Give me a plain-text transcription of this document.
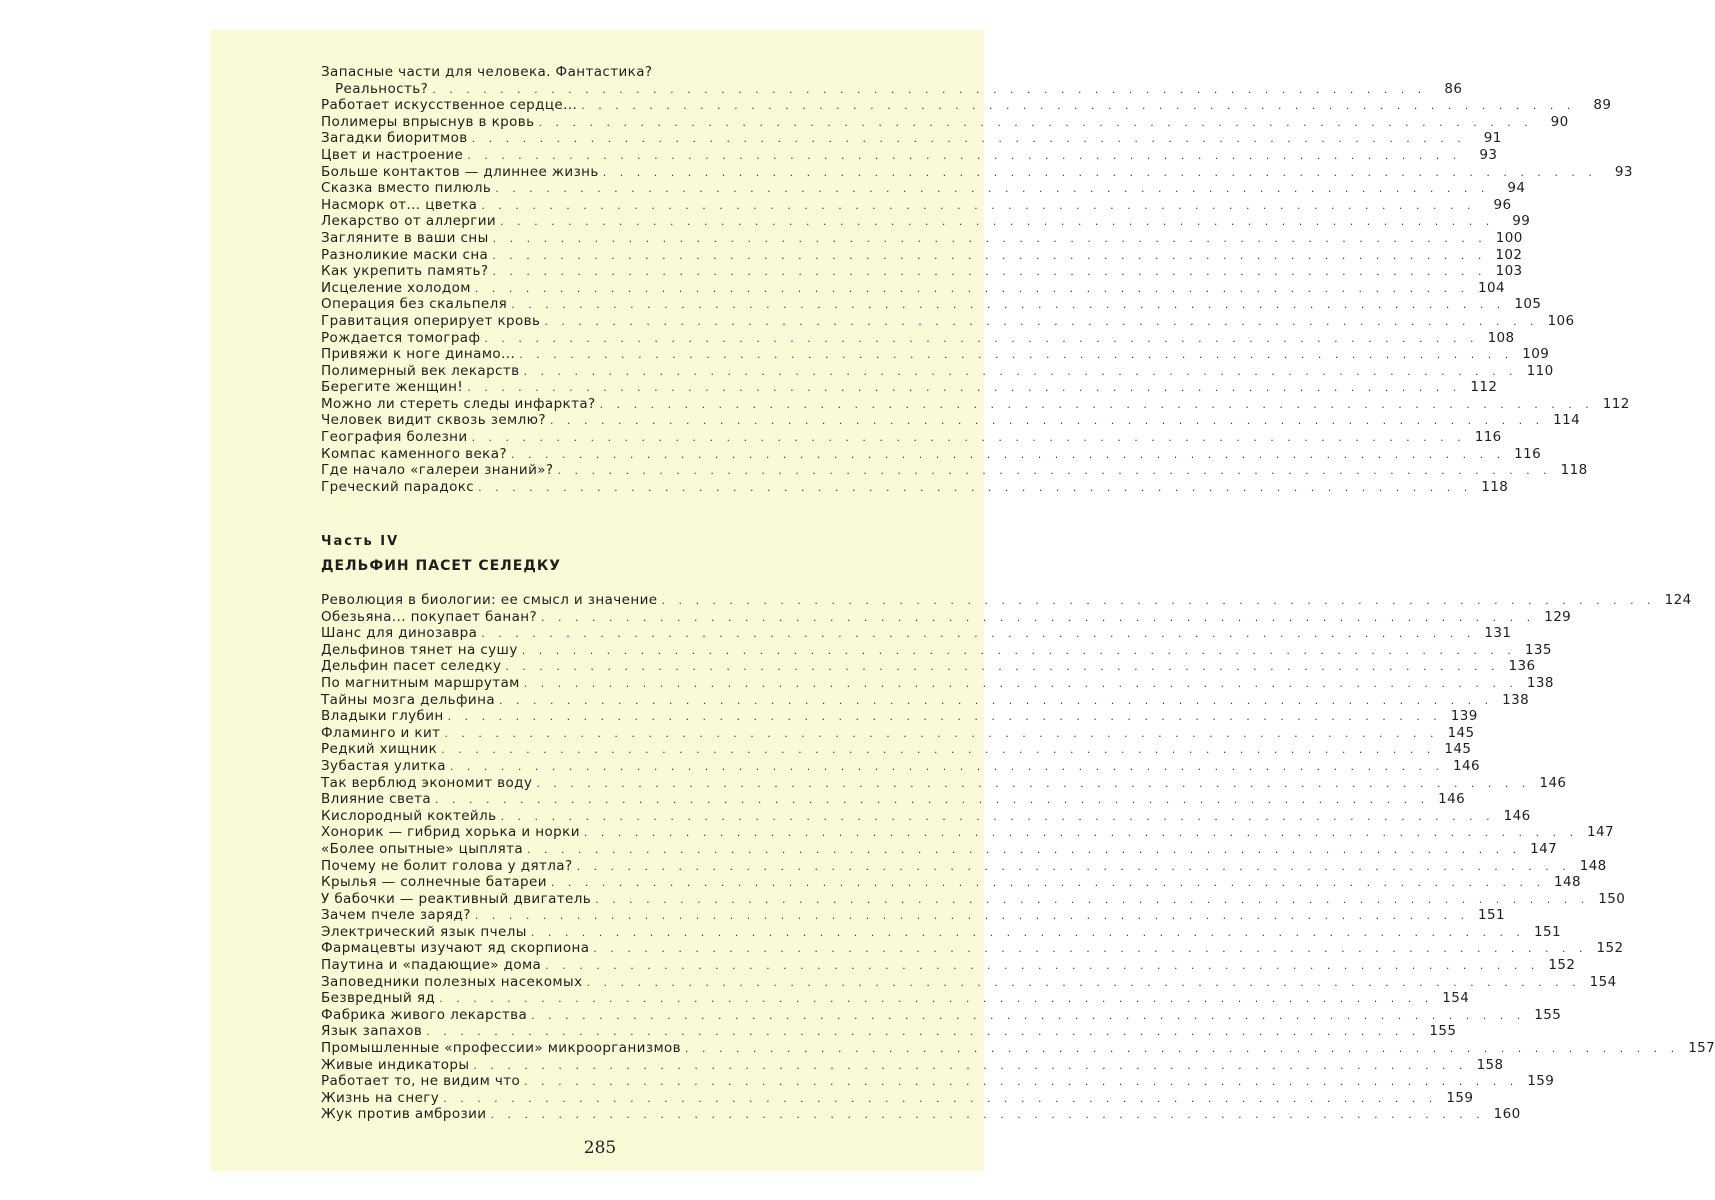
Запасные части для человека. Фантастика?
Реальность? . . .	86
Работает искусственное сердце... . . .	89
Полимеры впрыснув в кровь . . .	90
Загадки биоритмов . . .	91
Цвет и настроение . . .	93
Больше контактов — длиннее жизнь . . .	93
Сказка вместо пилюль . . .	94
Насморк от... цветка . . .	96
Лекарство от аллергии . . .	99
Загляните в ваши сны . . .	100
Разноликие маски сна . . .	102
Как укрепить память? . . .	103
Исцеление холодом . . .	104
Операция без скальпеля . . .	105
Гравитация оперирует кровь . . .	106
Рождается томограф . . .	108
Привяжи к ноге динамо... . . .	109
Полимерный век лекарств . . .	110
Берегите женщин! . . .	112
Можно ли стереть следы инфаркта? . . .	112
Человек видит сквозь землю? . . .	114
География болезни . . .	116
Компас каменного века? . . .	116
Где начало «галереи знаний»? . . .	118
Греческий парадокс . . .	118
Часть IV
ДЕЛЬФИН ПАСЕТ СЕЛЕДКУ
Революция в биологии: ее смысл и значение . . .	124
Обезьяна... покупает банан? . . .	129
Шанс для динозавра . . .	131
Дельфинов тянет на сушу . . .	135
Дельфин пасет селедку . . .	136
По магнитным маршрутам . . .	138
Тайны мозга дельфина . . .	138
Владыки глубин . . .	139
Фламинго и кит . . .	145
Редкий хищник . . .	145
Зубастая улитка . . .	146
Так верблюд экономит воду . . .	146
Влияние света . . .	146
Кислородный коктейль . . .	146
Хонорик — гибрид хорька и норки . . .	147
«Более опытные» цыплята . . .	147
Почему не болит голова у дятла? . . .	148
Крылья — солнечные батареи . . .	148
У бабочки — реактивный двигатель . . .	150
Зачем пчеле заряд? . . .	151
Электрический язык пчелы . . .	151
Фармацевты изучают яд скорпиона . . .	152
Паутина и «падающие» дома . . .	152
Заповедники полезных насекомых . . .	154
Безвредный яд . . .	154
Фабрика живого лекарства . . .	155
Язык запахов . . .	155
Промышленные «профессии» микроорганизмов . . .	157
Живые индикаторы . . .	158
Работает то, не видим что . . .	159
Жизнь на снегу . . .	159
Жук против амброзии . . .	160
285
